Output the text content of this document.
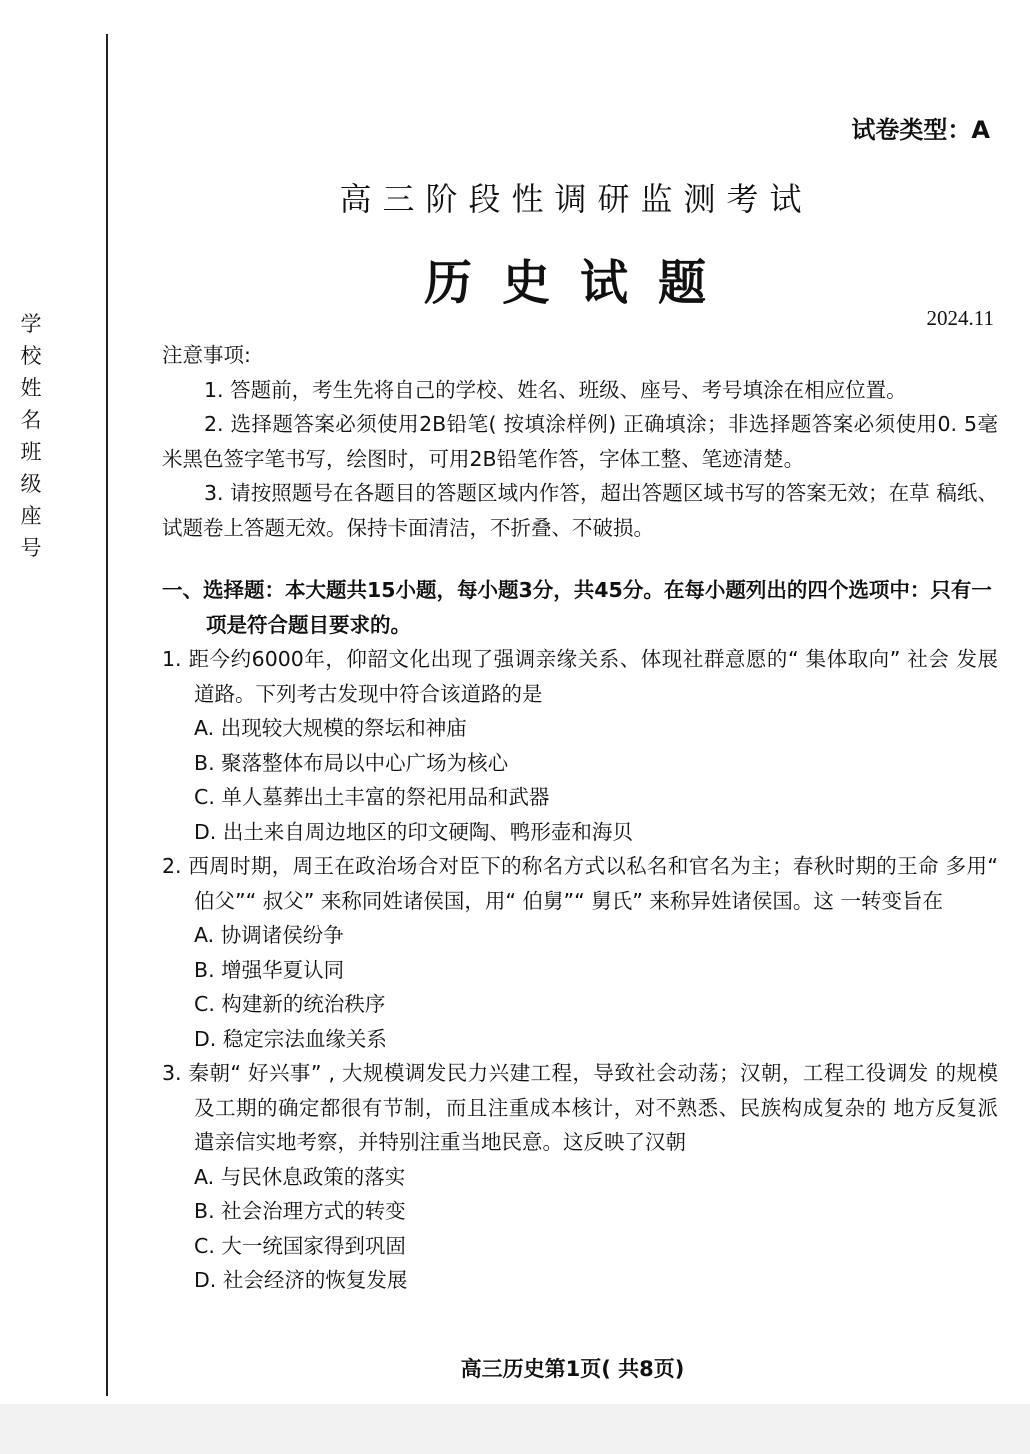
学校姓名班级座号
试卷类型：A
高三阶段性调研监测考试
历史试题
2024.11

注意事项:

1. 答题前，考生先将自己的学校、姓名、班级、座号、考号填涂在相应位置。

2. 选择题答案必须使用2B铅笔( 按填涂样例) 正确填涂；非选择题答案必须使用0. 5毫米黑色签字笔书写，绘图时，可用2B铅笔作答，字体工整、笔迹清楚。

3. 请按照题号在各题目的答题区域内作答，超出答题区域书写的答案无效；在草 稿纸、试题卷上答题无效。保持卡面清洁，不折叠、不破损。

一、选择题：本大题共15小题，每小题3分，共45分。在每小题列出的四个选项中：只有一项是符合题目要求的。

1. 距今约6000年，仰韶文化出现了强调亲缘关系、体现社群意愿的“ 集体取向” 社会 发展道路。下列考古发现中符合该道路的是

A. 出现较大规模的祭坛和神庙

B. 聚落整体布局以中心广场为核心

C. 单人墓葬出土丰富的祭祀用品和武器

D. 出土来自周边地区的印文硬陶、鸭形壶和海贝

2. 西周时期，周王在政治场合对臣下的称名方式以私名和官名为主；春秋时期的王命 多用“ 伯父”“ 叔父” 来称同姓诸侯国，用“ 伯舅”“ 舅氏” 来称异姓诸侯国。这 一转变旨在

A. 协调诸侯纷争

B. 增强华夏认同

C. 构建新的统治秩序

D. 稳定宗法血缘关系

3. 秦朝“ 好兴事” , 大规模调发民力兴建工程，导致社会动荡；汉朝，工程工役调发 的规模及工期的确定都很有节制，而且注重成本核计，对不熟悉、民族构成复杂的 地方反复派遣亲信实地考察，并特别注重当地民意。这反映了汉朝

A. 与民休息政策的落实

B. 社会治理方式的转变

C. 大一统国家得到巩固

D. 社会经济的恢复发展

高三历史第1页( 共8页)
